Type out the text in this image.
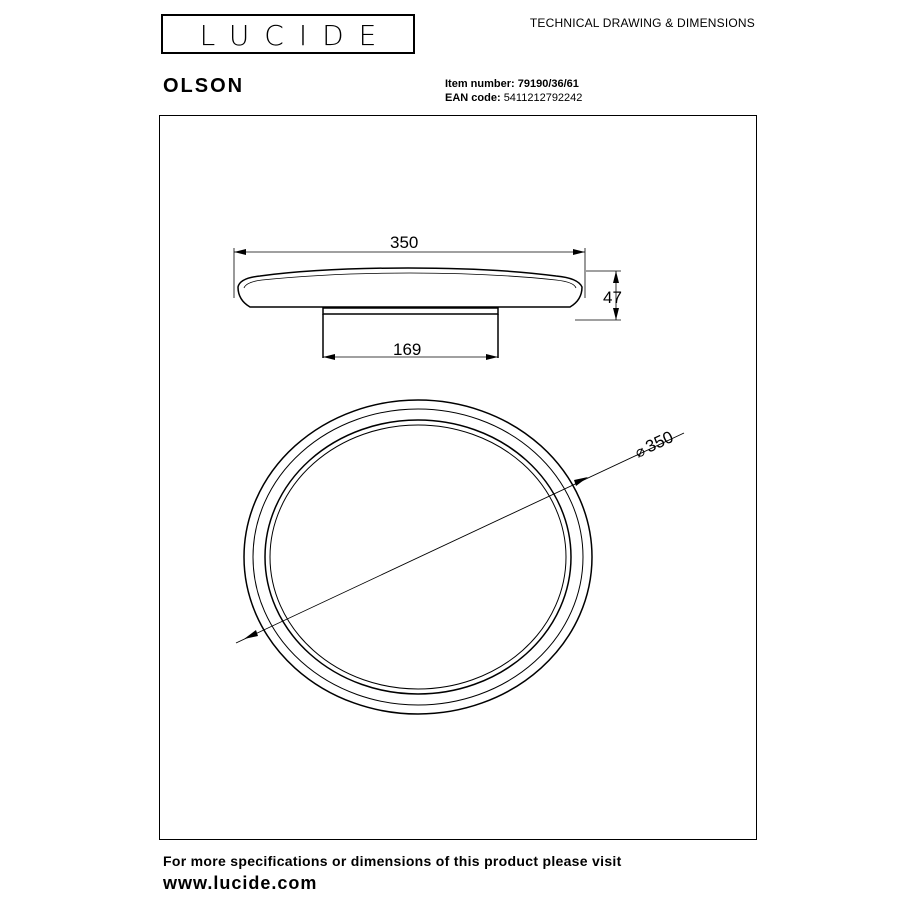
LUCIDE	TECHNICAL DRAWING & DIMENSIONS
OLSON	Item number: 79190/36/61
EAN code: 5411212792242
350
47
169
⌀
350
For more specifications or dimensions of this product please visit
www.lucide.com
